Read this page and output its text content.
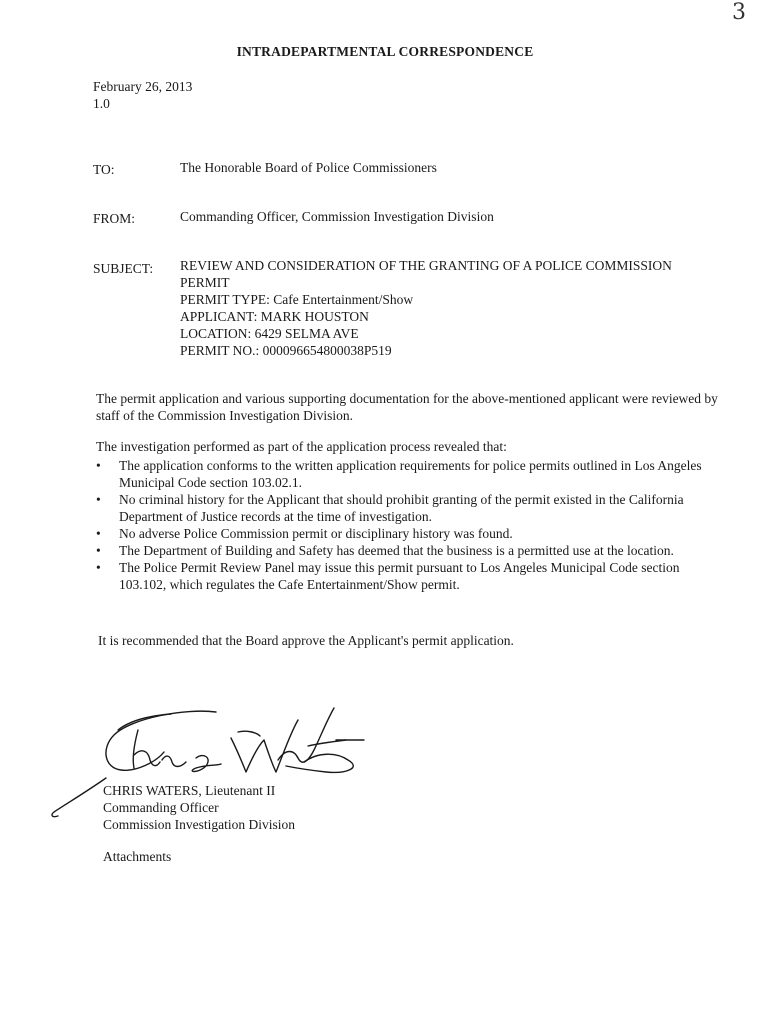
3
INTRADEPARTMENTAL CORRESPONDENCE
February 26, 2013
1.0
TO:	The Honorable Board of Police Commissioners
FROM:	Commanding Officer, Commission Investigation Division
SUBJECT: REVIEW AND CONSIDERATION OF THE GRANTING OF A POLICE COMMISSION
PERMIT
PERMIT TYPE: Cafe Entertainment/Show
APPLICANT: MARK HOUSTON
LOCATION: 6429 SELMA AVE
PERMIT NO.: 000096654800038P519
The permit application and various supporting documentation for the above-mentioned applicant were reviewed by staff of the Commission Investigation Division.
The investigation performed as part of the application process revealed that:
•	The application conforms to the written application requirements for police permits outlined in Los Angeles Municipal Code section 103.02.1.
•	No criminal history for the Applicant that should prohibit granting of the permit existed in the California Department of Justice records at the time of investigation.
•	No adverse Police Commission permit or disciplinary history was found.
•	The Department of Building and Safety has deemed that the business is a permitted use at the location.
•	The Police Permit Review Panel may issue this permit pursuant to Los Angeles Municipal Code section 103.102, which regulates the Cafe Entertainment/Show permit.
It is recommended that the Board approve the Applicant's permit application.
CHRIS WATERS, Lieutenant II
Commanding Officer
Commission Investigation Division
Attachments
